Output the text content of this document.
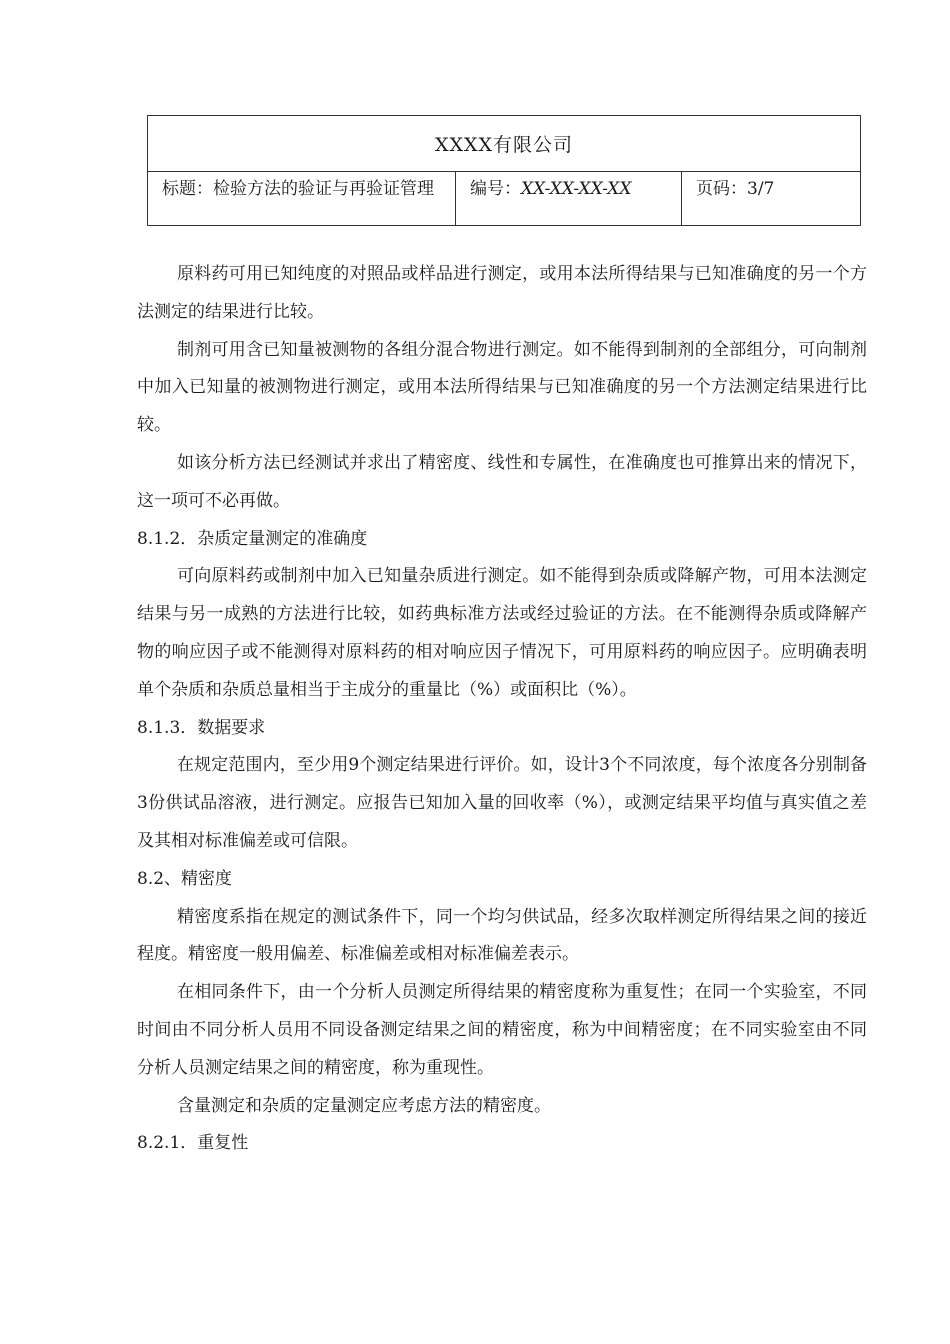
XXXX有限公司
标题：检验方法的验证与再验证管理	编号：XX-XX-XX-XX	页码：3/7

原料药可用已知纯度的对照品或样品进行测定，或用本法所得结果与已知准确度的另一个方法测定的结果进行比较。

制剂可用含已知量被测物的各组分混合物进行测定。如不能得到制剂的全部组分，可向制剂中加入已知量的被测物进行测定，或用本法所得结果与已知准确度的另一个方法测定结果进行比较。

如该分析方法已经测试并求出了精密度、线性和专属性，在准确度也可推算出来的情况下，这一项可不必再做。

8.1.2．杂质定量测定的准确度

可向原料药或制剂中加入已知量杂质进行测定。如不能得到杂质或降解产物，可用本法测定结果与另一成熟的方法进行比较，如药典标准方法或经过验证的方法。在不能测得杂质或降解产物的响应因子或不能测得对原料药的相对响应因子情况下，可用原料药的响应因子。应明确表明单个杂质和杂质总量相当于主成分的重量比（%）或面积比（%）。

8.1.3．数据要求

在规定范围内，至少用9个测定结果进行评价。如，设计3个不同浓度，每个浓度各分别制备3份供试品溶液，进行测定。应报告已知加入量的回收率（%），或测定结果平均值与真实值之差及其相对标准偏差或可信限。

8.2、精密度

精密度系指在规定的测试条件下，同一个均匀供试品，经多次取样测定所得结果之间的接近程度。精密度一般用偏差、标准偏差或相对标准偏差表示。

在相同条件下，由一个分析人员测定所得结果的精密度称为重复性；在同一个实验室，不同时间由不同分析人员用不同设备测定结果之间的精密度，称为中间精密度；在不同实验室由不同分析人员测定结果之间的精密度，称为重现性。

含量测定和杂质的定量测定应考虑方法的精密度。

8.2.1．重复性
